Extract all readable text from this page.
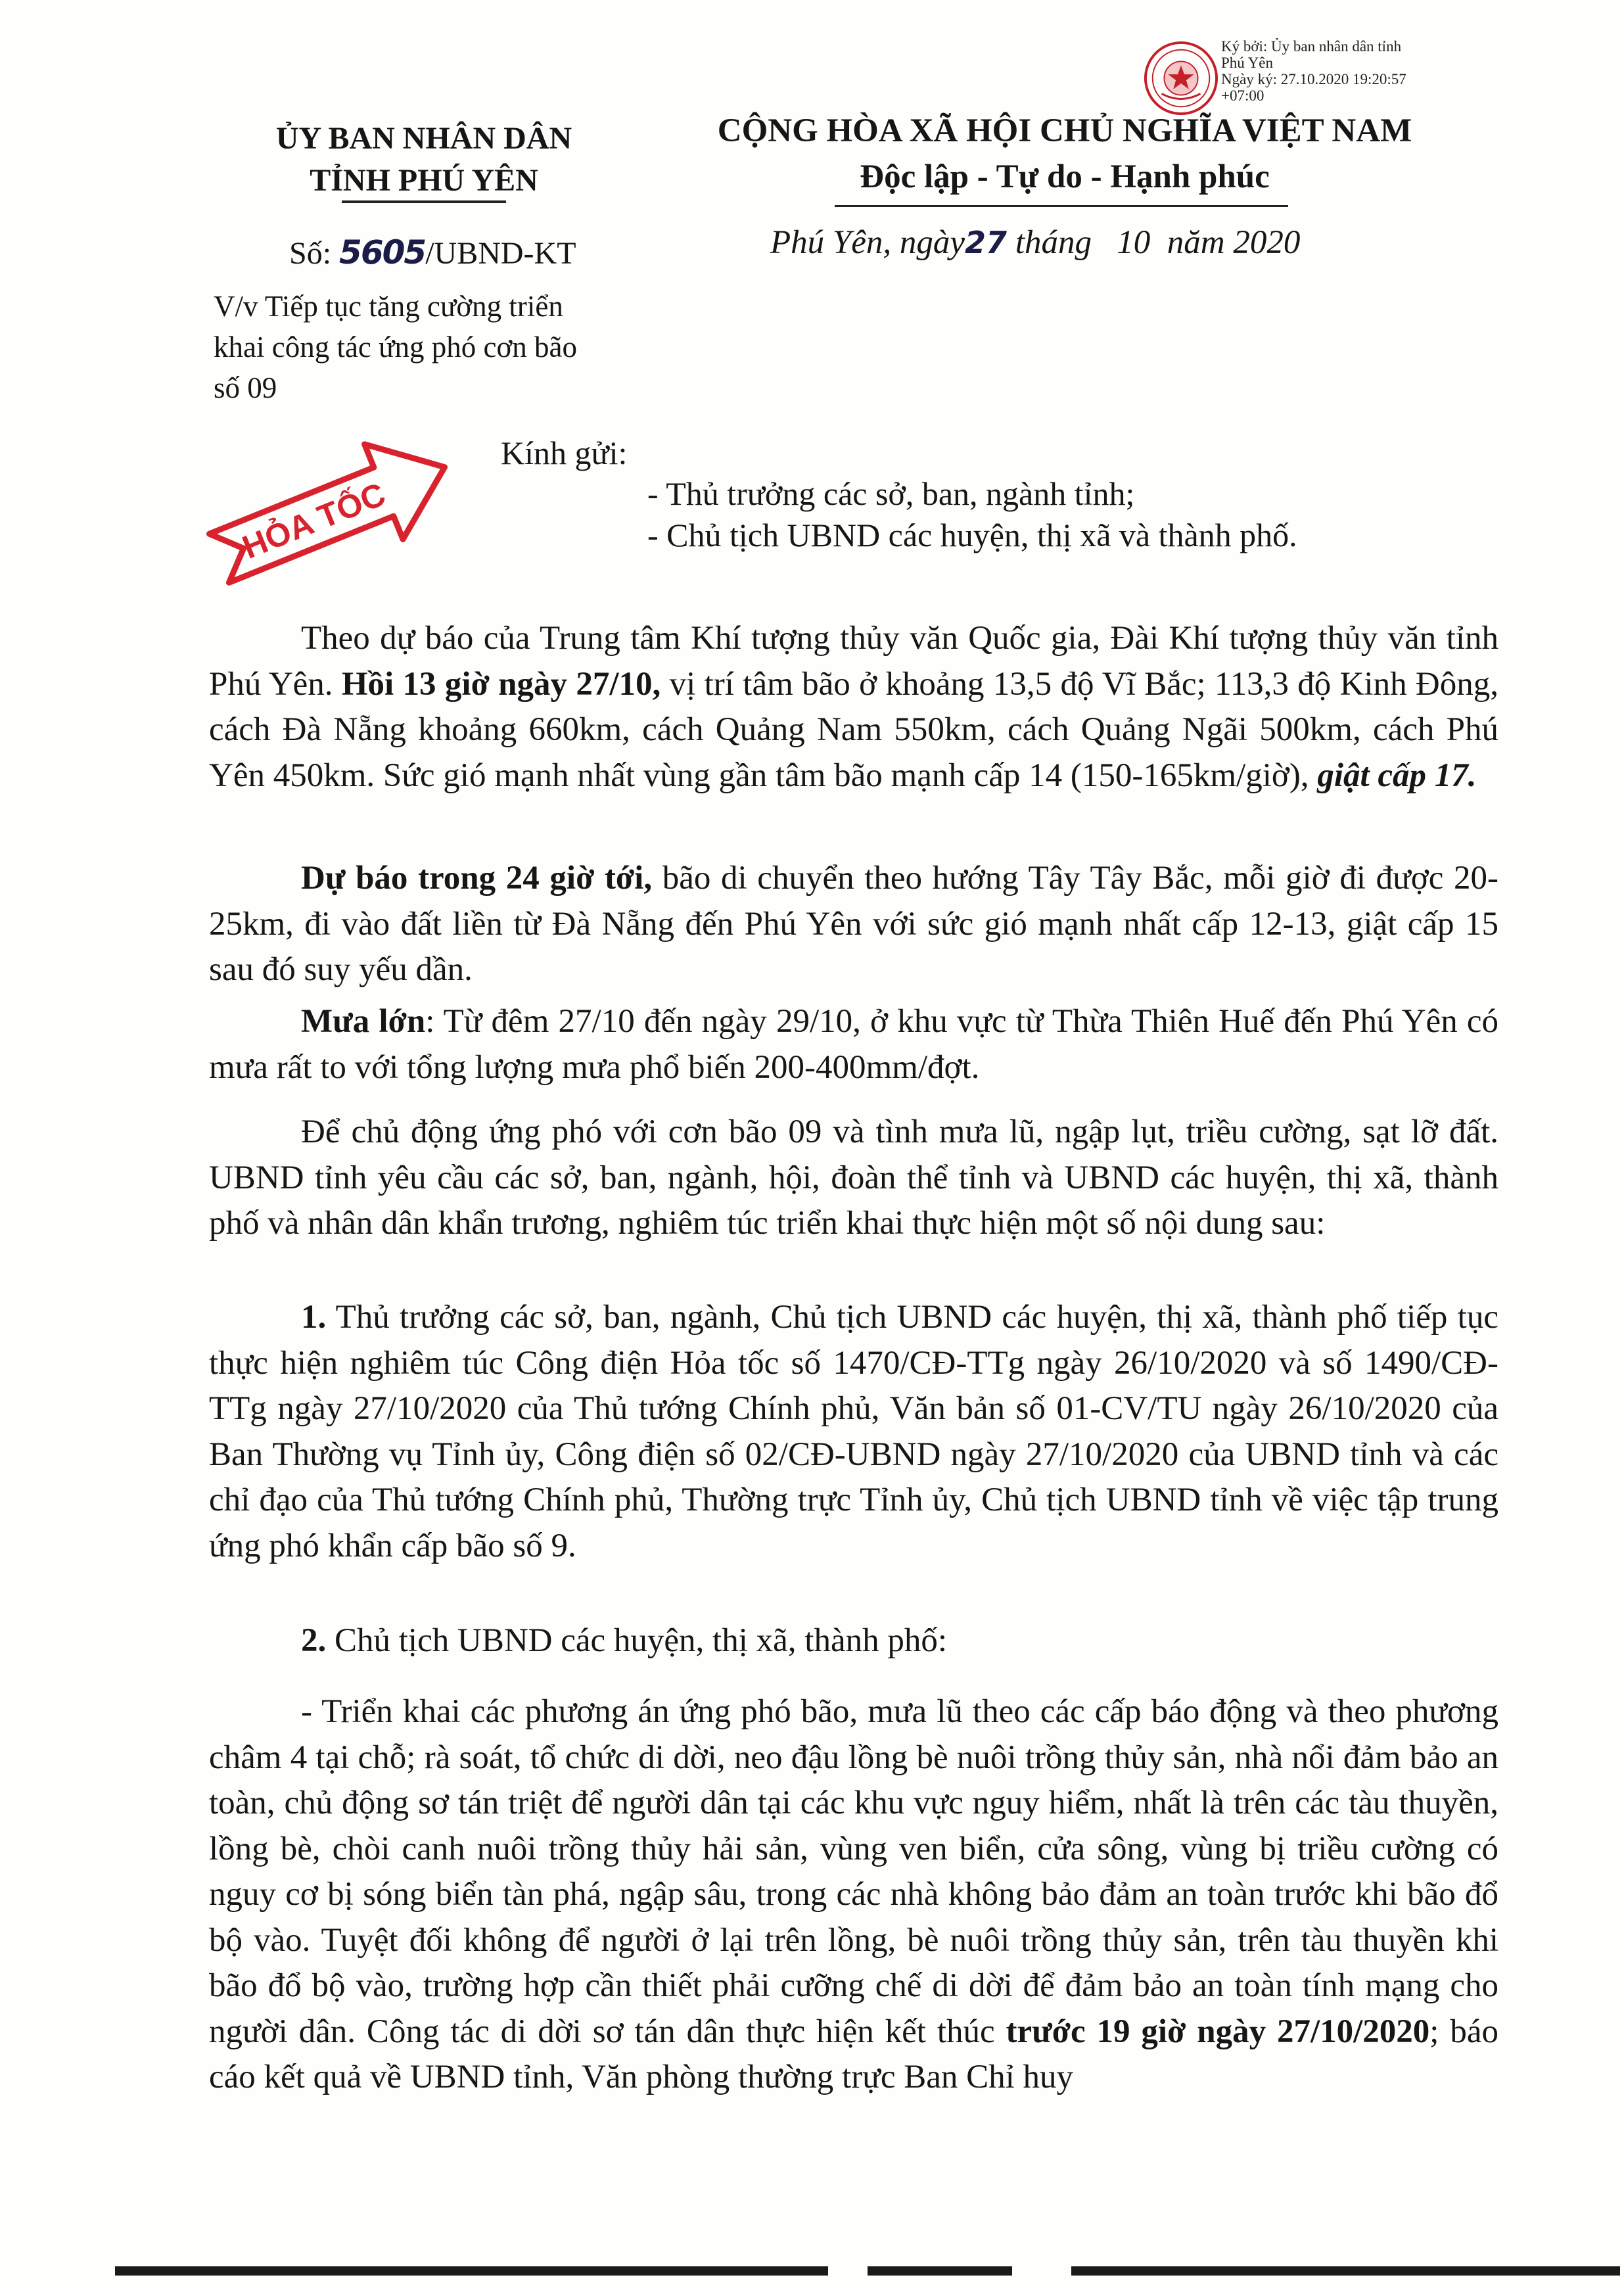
Ký bởi: Ủy ban nhân dân tỉnh
Phú Yên
Ngày ký: 27.10.2020 19:20:57
+07:00
ỦY BAN NHÂN DÂN
TỈNH PHÚ YÊN
CỘNG HÒA XÃ HỘI CHỦ NGHĨA VIỆT NAM
Độc lập - Tự do - Hạnh phúc
Số: 5605/UBND-KT	Phú Yên, ngày27 tháng   10  năm 2020
V/v Tiếp tục tăng cường triển
khai công tác ứng phó cơn bão
số 09
HỎA TỐC
Kính gửi:
- Thủ trưởng các sở, ban, ngành tỉnh;
- Chủ tịch UBND các huyện, thị xã và thành phố.
Theo dự báo của Trung tâm Khí tượng thủy văn Quốc gia, Đài Khí tượng thủy văn tỉnh Phú Yên. Hồi 13 giờ ngày 27/10, vị trí tâm bão ở khoảng 13,5 độ Vĩ Bắc; 113,3 độ Kinh Đông, cách Đà Nẵng khoảng 660km, cách Quảng Nam 550km, cách Quảng Ngãi 500km, cách Phú Yên 450km. Sức gió mạnh nhất vùng gần tâm bão mạnh cấp 14 (150-165km/giờ), giật cấp 17.
Dự báo trong 24 giờ tới, bão di chuyển theo hướng Tây Tây Bắc, mỗi giờ đi được 20-25km, đi vào đất liền từ Đà Nẵng đến Phú Yên với sức gió mạnh nhất cấp 12-13, giật cấp 15 sau đó suy yếu dần.
Mưa lớn: Từ đêm 27/10 đến ngày 29/10, ở khu vực từ Thừa Thiên Huế đến Phú Yên có mưa rất to với tổng lượng mưa phổ biến 200-400mm/đợt.
Để chủ động ứng phó với cơn bão 09 và tình mưa lũ, ngập lụt, triều cường, sạt lỡ đất. UBND tỉnh yêu cầu các sở, ban, ngành, hội, đoàn thể tỉnh và UBND các huyện, thị xã, thành phố và nhân dân khẩn trương, nghiêm túc triển khai thực hiện một số nội dung sau:
1. Thủ trưởng các sở, ban, ngành, Chủ tịch UBND các huyện, thị xã, thành phố tiếp tục thực hiện nghiêm túc Công điện Hỏa tốc số 1470/CĐ-TTg ngày 26/10/2020 và số 1490/CĐ-TTg ngày 27/10/2020 của Thủ tướng Chính phủ, Văn bản số 01-CV/TU ngày 26/10/2020 của Ban Thường vụ Tỉnh ủy, Công điện số 02/CĐ-UBND ngày 27/10/2020 của UBND tỉnh và các chỉ đạo của Thủ tướng Chính phủ, Thường trực Tỉnh ủy, Chủ tịch UBND tỉnh về việc tập trung ứng phó khẩn cấp bão số 9.
2. Chủ tịch UBND các huyện, thị xã, thành phố:
- Triển khai các phương án ứng phó bão, mưa lũ theo các cấp báo động và theo phương châm 4 tại chỗ; rà soát, tổ chức di dời, neo đậu lồng bè nuôi trồng thủy sản, nhà nổi đảm bảo an toàn, chủ động sơ tán triệt để người dân tại các khu vực nguy hiểm, nhất là trên các tàu thuyền, lồng bè, chòi canh nuôi trồng thủy hải sản, vùng ven biển, cửa sông, vùng bị triều cường có nguy cơ bị sóng biển tàn phá, ngập sâu, trong các nhà không bảo đảm an toàn trước khi bão đổ bộ vào. Tuyệt đối không để người ở lại trên lồng, bè nuôi trồng thủy sản, trên tàu thuyền khi bão đổ bộ vào, trường hợp cần thiết phải cưỡng chế di dời để đảm bảo an toàn tính mạng cho người dân. Công tác di dời sơ tán dân thực hiện kết thúc trước 19 giờ ngày 27/10/2020; báo cáo kết quả về UBND tỉnh, Văn phòng thường trực Ban Chỉ huy
